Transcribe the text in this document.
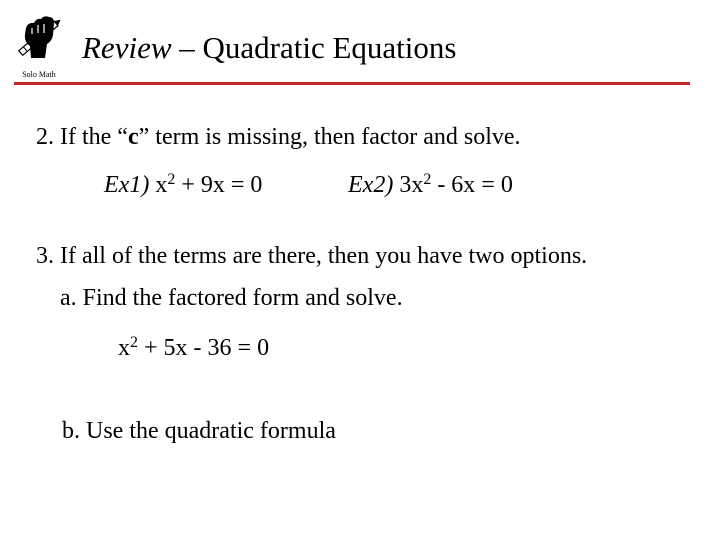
Solo Math
Review – Quadratic Equations
2. If the “c” term is missing, then factor and solve.
Ex1) $x^2 + 9x = 0$	Ex2) $3x^2 - 6x = 0$
3. If all of the terms are there, then you have two options.
a. Find the factored form and solve.
$x^2 + 5x - 36 = 0$
b. Use the quadratic formula
